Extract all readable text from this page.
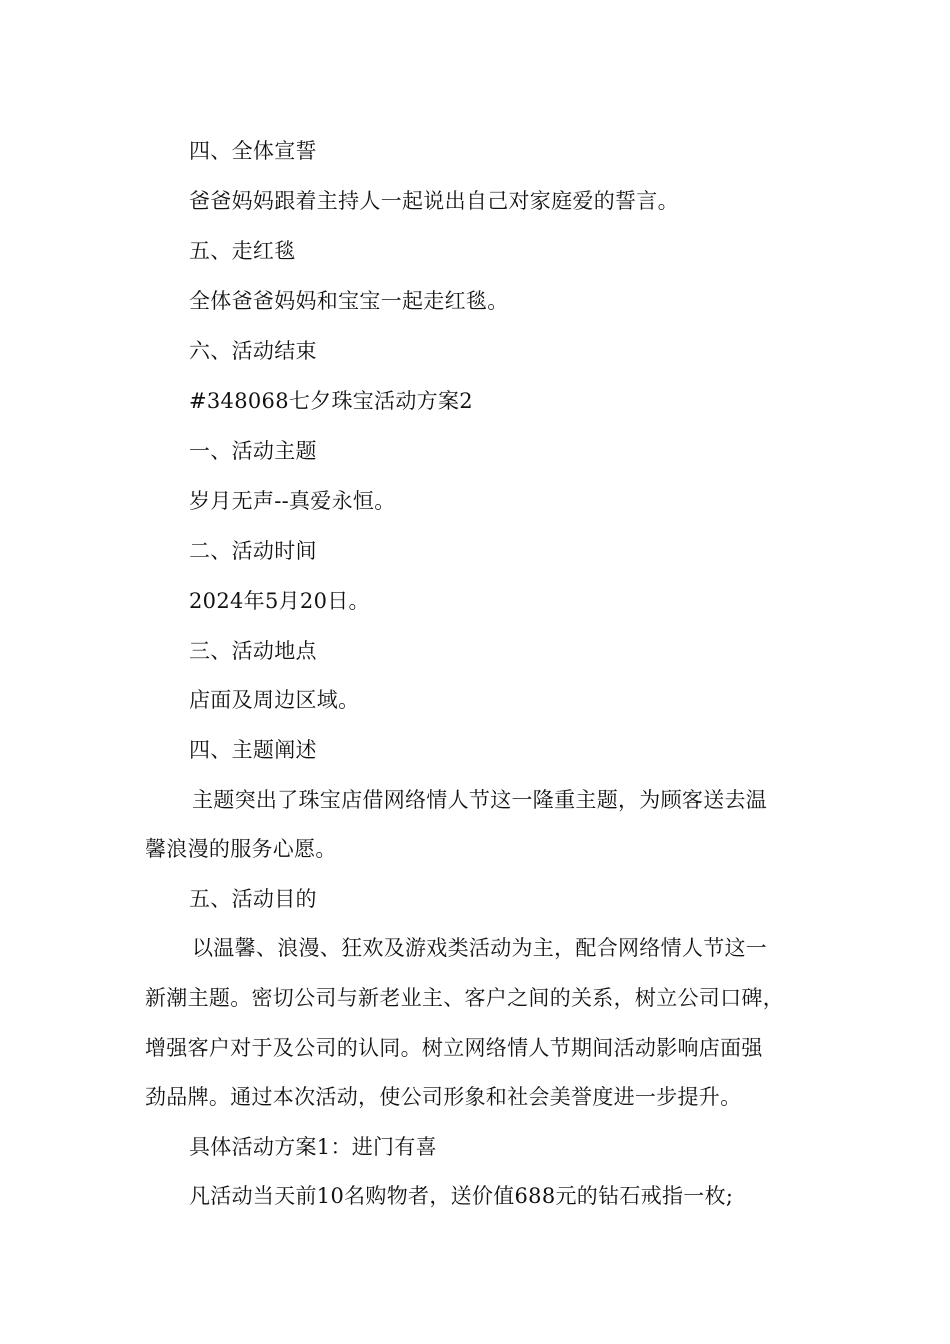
四、全体宣誓
爸爸妈妈跟着主持人一起说出自己对家庭爱的誓言。
五、走红毯
全体爸爸妈妈和宝宝一起走红毯。
六、活动结束
#348068七夕珠宝活动方案2
一、活动主题
岁月无声--真爱永恒。
二、活动时间
2024年5月20日。
三、活动地点
店面及周边区域。
四、主题阐述
主题突出了珠宝店借网络情人节这一隆重主题，为顾客送去温
馨浪漫的服务心愿。
五、活动目的
以温馨、浪漫、狂欢及游戏类活动为主，配合网络情人节这一
新潮主题。密切公司与新老业主、客户之间的关系，树立公司口碑，
增强客户对于及公司的认同。树立网络情人节期间活动影响店面强
劲品牌。通过本次活动，使公司形象和社会美誉度进一步提升。
具体活动方案1：进门有喜
凡活动当天前10名购物者，送价值688元的钻石戒指一枚;
